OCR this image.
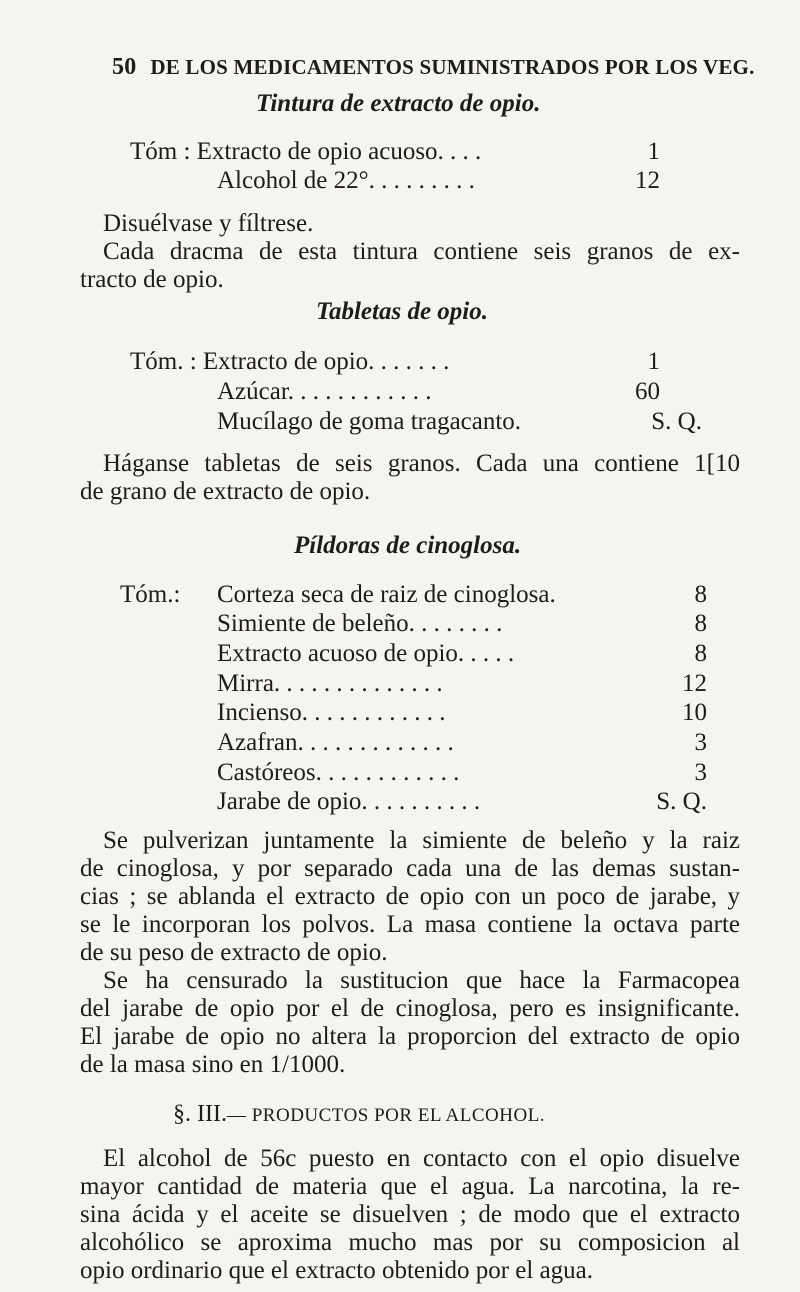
50 DE LOS MEDICAMENTOS SUMINISTRADOS POR LOS VEG.
Tintura de extracto de opio.
Tóm : Extracto de opio acuoso. . . .	1
Alcohol de 22°. . . . . . . . .	12
Disuélvase y fíltrese.
Cada dracma de esta tintura contiene seis granos de ex-
tracto de opio.
Tabletas de opio.
Tóm. : Extracto de opio. . . . . . .	1
Azúcar. . . . . . . . . . . .	60
Mucílago de goma tragacanto.	S. Q.
Háganse tabletas de seis granos. Cada una contiene 1[10
de grano de extracto de opio.
Píldoras de cinoglosa.
Tóm.: Corteza seca de raiz de cinoglosa.	8
Simiente de beleño. . . . . . . .	8
Extracto acuoso de opio. . . . .	8
Mirra. . . . . . . . . . . . . .	12
Incienso. . . . . . . . . . . .	10
Azafran. . . . . . . . . . . . .	3
Castóreos. . . . . . . . . . . .	3
Jarabe de opio. . . . . . . . . .	S. Q.
Se pulverizan juntamente la simiente de beleño y la raiz
de cinoglosa, y por separado cada una de las demas sustan-
cias ; se ablanda el extracto de opio con un poco de jarabe, y
se le incorporan los polvos. La masa contiene la octava parte
de su peso de extracto de opio.
Se ha censurado la sustitucion que hace la Farmacopea
del jarabe de opio por el de cinoglosa, pero es insignificante.
El jarabe de opio no altera la proporcion del extracto de opio
de la masa sino en 1/1000.
§. III.— PRODUCTOS POR EL ALCOHOL.
El alcohol de 56c puesto en contacto con el opio disuelve
mayor cantidad de materia que el agua. La narcotina, la re-
sina ácida y el aceite se disuelven ; de modo que el extracto
alcohólico se aproxima mucho mas por su composicion al
opio ordinario que el extracto obtenido por el agua.
